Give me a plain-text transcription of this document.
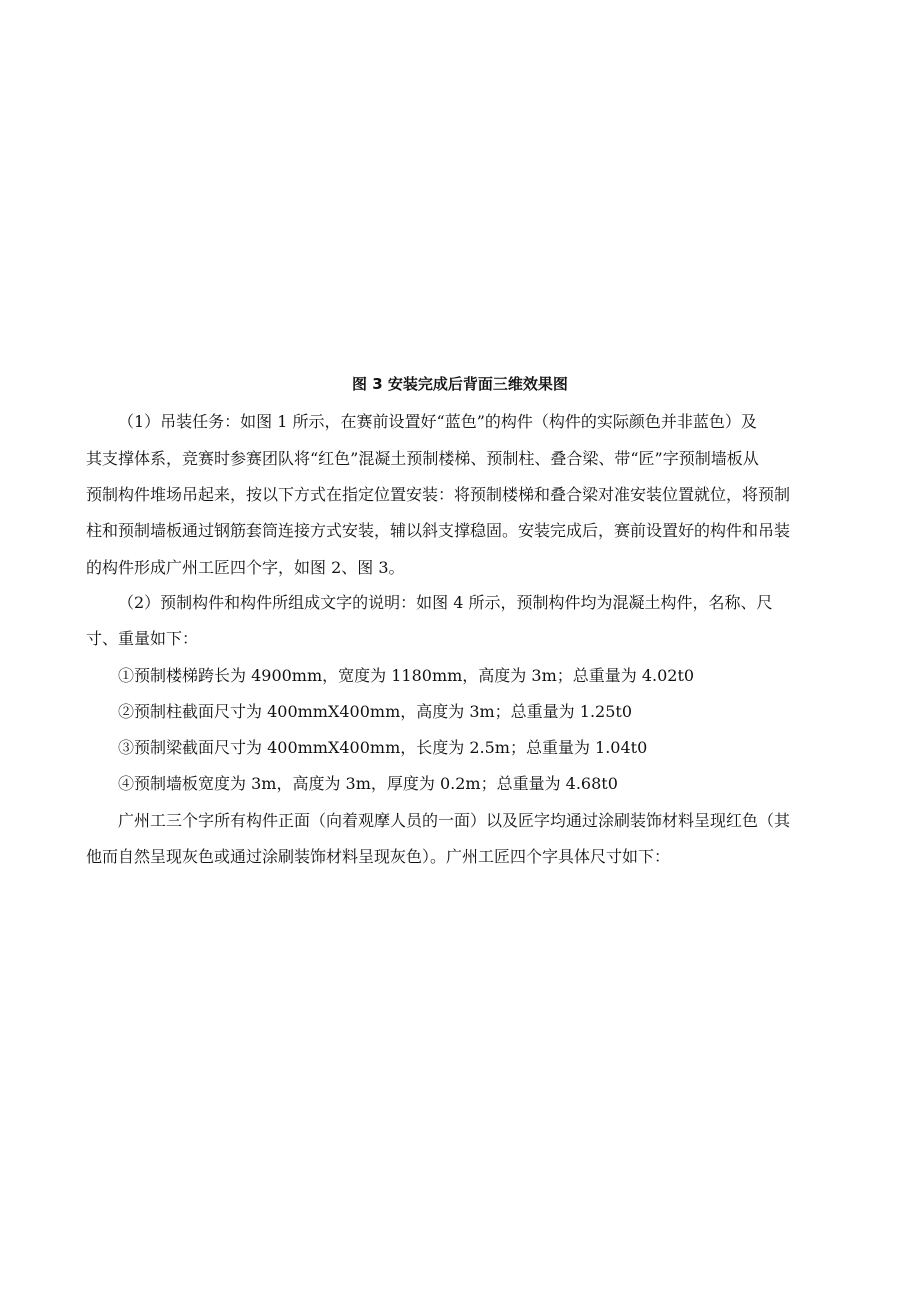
图 3 安装完成后背面三维效果图
（1）吊装任务：如图 1 所示，在赛前设置好“蓝色”的构件（构件的实际颜色并非蓝色）及
其支撑体系，竞赛时参赛团队将“红色”混凝土预制楼梯、预制柱、叠合梁、带“匠”字预制墙板从
预制构件堆场吊起来，按以下方式在指定位置安装：将预制楼梯和叠合梁对准安装位置就位，将预制
柱和预制墙板通过钢筋套筒连接方式安装，辅以斜支撑稳固。安装完成后，赛前设置好的构件和吊装
的构件形成广州工匠四个字，如图 2、图 3。
（2）预制构件和构件所组成文字的说明：如图 4 所示，预制构件均为混凝土构件，名称、尺
寸、重量如下：
①预制楼梯跨长为 4900mm，宽度为 1180mm，高度为 3m；总重量为 4.02t0
②预制柱截面尺寸为 400mmX400mm，高度为 3m；总重量为 1.25t0
③预制梁截面尺寸为 400mmX400mm，长度为 2.5m；总重量为 1.04t0
④预制墙板宽度为 3m，高度为 3m，厚度为 0.2m；总重量为 4.68t0
广州工三个字所有构件正面（向着观摩人员的一面）以及匠字均通过涂刷装饰材料呈现红色（其
他而自然呈现灰色或通过涂刷装饰材料呈现灰色）。广州工匠四个字具体尺寸如下：
